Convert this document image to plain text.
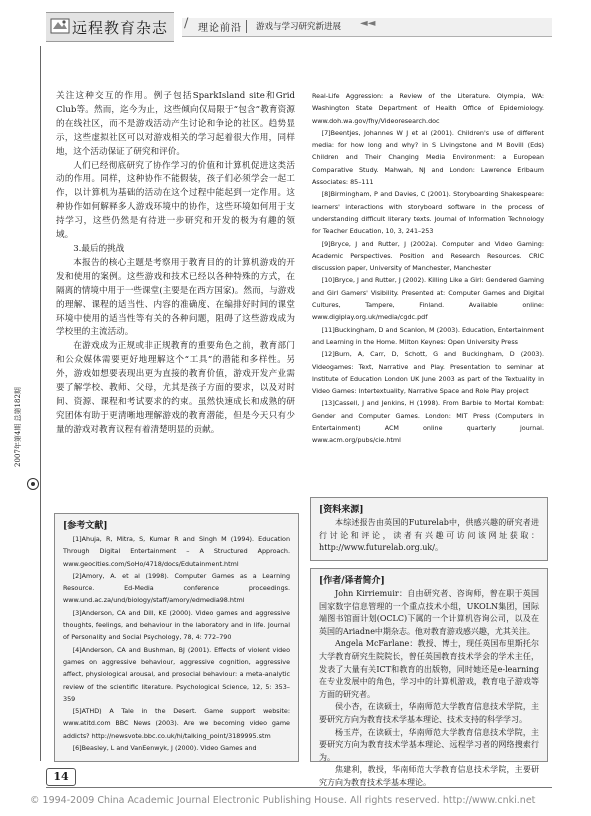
远程教育杂志 / 理论前沿 游戏与学习研究新进展 ◄◄
2007年第4期 总第182期

关注这种交互的作用。例子包括SparkIsland site和Grid Club等。然而，迄今为止，这些倾向仅局限于“包含”教育资源的在线社区，而不是游戏活动产生讨论和争论的社区。趋势显示，这些虚拟社区可以对游戏相关的学习起着很大作用，同样地，这个活动保证了研究和评价。

人们已经彻底研究了协作学习的价值和计算机促进这类活动的作用。同样，这种协作不能假装，孩子们必须学会一起工作，以计算机为基础的活动在这个过程中能起到一定作用。这种协作如何解释多人游戏环境中的协作，这些环境如何用于支持学习，这些仍然是有待进一步研究和开发的极为有趣的领域。

3.最后的挑战

本报告的核心主题是考察用于教育目的的计算机游戏的开发和使用的案例。这些游戏和技术已经以各种特殊的方式，在隔离的情境中用于一些课堂(主要是在西方国家)。然而，与游戏的理解、课程的适当性、内容的准确度、在编排好时间的课堂环境中使用的适当性等有关的各种问题，阻碍了这些游戏成为学校里的主流活动。

在游戏成为正规或非正规教育的重要角色之前，教育部门和公众媒体需要更好地理解这个“工具”的潜能和多样性。另外，游戏如想要表现出更为直接的教育价值，游戏开发产业需要了解学校、教师、父母，尤其是孩子方面的要求，以及对时间、资源、课程和考试要求的约束。虽然快速成长和成熟的研究团体有助于更清晰地理解游戏的教育潜能，但是今天只有少量的游戏对教育议程有着清楚明显的贡献。

[参考文献]

[1]Ahuja, R, Mitra, S, Kumar R and Singh M (1994). Education Through Digital Entertainment – A Structured Approach. www.geocities.com/SoHo/4718/docs/Edutainment.html

[2]Amory, A. et al (1998). Computer Games as a Learning Resource. Ed-Media conference proceedings. www.und.ac.za/und/biology/staff/amory/edmedia98.html

[3]Anderson, CA and Dill, KE (2000). Video games and aggressive thoughts, feelings, and behaviour in the laboratory and in life. Journal of Personality and Social Psychology, 78, 4: 772–790

[4]Anderson, CA and Bushman, BJ (2001). Effects of violent video games on aggressive behaviour, aggressive cognition, aggressive affect, physiological arousal, and prosocial behaviour: a meta-analytic review of the scientific literature. Psychological Science, 12, 5: 353–359

[5]ATHD) A Tale in the Desert. Game support website: www.atitd.com BBC News (2003). Are we becoming video game addicts? http://newsvote.bbc.co.uk/hi/talking_point/3189995.stm

[6]Beasley, L and VanEenwyk, J (2000). Video Games and

Real-Life Aggression: a Review of the Literature. Olympia, WA: Washington State Department of Health Office of Epidemiology. www.doh.wa.gov/fhy/Videoresearch.doc

[7]Beentjes, Johannes W J et al (2001). Children's use of different media: for how long and why? in S Livingstone and M Bovill (Eds) Children and Their Changing Media Environment: a European Comparative Study. Mahwah, NJ and London: Lawrence Erlbaum Associates: 85–111

[8]Birmingham, P and Davies, C (2001). Storyboarding Shakespeare: learners' interactions with storyboard software in the process of understanding difficult literary texts. Journal of Information Technology for Teacher Education, 10, 3, 241–253

[9]Bryce, J and Rutter, J (2002a). Computer and Video Gaming: Academic Perspectives. Position and Research Resources. CRIC discussion paper, University of Manchester, Manchester

[10]Bryce, J and Rutter, J (2002). Killing Like a Girl: Gendered Gaming and Girl Gamers' Visibility. Presented at: Computer Games and Digital Cultures, Tampere, Finland. Available online: www.digiplay.org.uk/media/cgdc.pdf

[11]Buckingham, D and Scanlon, M (2003). Education, Entertainment and Learning in the Home. Milton Keynes: Open University Press

[12]Burn, A, Carr, D, Schott, G and Buckingham, D (2003). Videogames: Text, Narrative and Play. Presentation to seminar at Institute of Education London UK June 2003 as part of the Textuality in Video Games: Intertextuality, Narrative Space and Role Play project

[13]Cassell, J and Jenkins, H (1998). From Barbie to Mortal Kombat: Gender and Computer Games. London: MIT Press (Computers in Entertainment) ACM online quarterly journal. www.acm.org/pubs/cie.html

[资料来源]

本综述报告由英国的Futurelab中，供感兴趣的研究者进行讨论和评论，读者有兴趣可访问该网址获取：http://www.futurelab.org.uk/。

[作者/译者简介]

John Kirriemuir：自由研究者、咨询师，曾在职于英国国家数字信息管理的一个重点技术小组，UKOLN集团，国际端图书馆面计划(OCLC)下属的一个计算机咨询公司，以及在英国的Ariadne中期杂志。他对教育游戏感兴趣，尤其关注。

Angela McFarlane：教授、博士，现任英国布里斯托尔大学教育研究生院院长，曾任英国教育技术学会的学术主任，发表了大量有关ICT和教育的出版物，同时她还是e-learning在专业发展中的角色，学习中的计算机游戏，教育电子游戏等方面的研究者。

侯小杏，在读硕士，华南师范大学教育信息技术学院，主要研究方向为教育技术学基本理论、技术支持的科学学习。

杨玉芹，在读硕士，华南师范大学教育信息技术学院，主要研究方向为教育技术学基本理论、远程学习者的网络搜索行为。

焦建利，教授，华南师范大学教育信息技术学院，主要研究方向为教育技术学基本理论。

14
© 1994-2009 China Academic Journal Electronic Publishing House. All rights reserved. http://www.cnki.net
